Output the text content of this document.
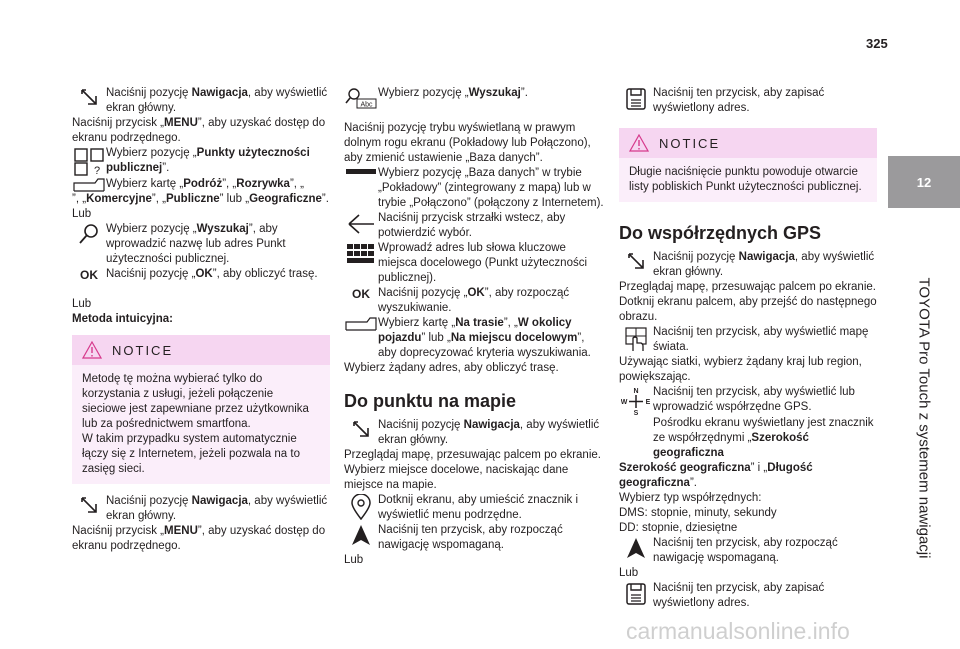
325
12
TOYOTA Pro Touch z systemem nawigacji
Naciśnij pozycję Nawigacja, aby wyświetlić ekran główny.

Naciśnij przycisk „MENU”, aby uzyskać dostęp do ekranu podrzędnego.

?
Wybierz pozycję „Punkty użyteczności publicznej”.
Wybierz kartę „Podróż”, „Rozrywka”, „

”, „Komercyjne”, „Publiczne” lub „Geograficzne”.

Lub

Wybierz pozycję „Wyszukaj”, aby wprowadzić nazwę lub adres Punkt użyteczności publicznej.
OK Naciśnij pozycję „OK”, aby obliczyć trasę.

Lub

Metoda intuicyjna:

NOTICE
Metodę tę można wybierać tylko do korzystania z usługi, jeżeli połączenie sieciowe jest zapewniane przez użytkownika lub za pośrednictwem smartfona.
W takim przypadku system automatycznie łączy się z Internetem, jeżeli pozwala na to zasięg sieci.
Naciśnij pozycję Nawigacja, aby wyświetlić ekran główny.

Naciśnij przycisk „MENU”, aby uzyskać dostęp do ekranu podrzędnego.

Abc
Wybierz pozycję „Wyszukaj”.

Naciśnij pozycję trybu wyświetlaną w prawym dolnym rogu ekranu (Pokładowy lub Połączono), aby zmienić ustawienie „Baza danych”.

Wybierz pozycję „Baza danych” w trybie „Pokładowy” (zintegrowany z mapą) lub w trybie „Połączono” (połączony z Internetem).
Naciśnij przycisk strzałki wstecz, aby potwierdzić wybór.
Wprowadź adres lub słowa kluczowe miejsca docelowego (Punkt użyteczności publicznej).
OK Naciśnij pozycję „OK”, aby rozpocząć wyszukiwanie.
Wybierz kartę „Na trasie”, „W okolicy pojazdu” lub „Na miejscu docelowym”, aby doprecyzować kryteria wyszukiwania.

Wybierz żądany adres, aby obliczyć trasę.

Do punktu na mapie
Naciśnij pozycję Nawigacja, aby wyświetlić ekran główny.

Przeglądaj mapę, przesuwając palcem po ekranie.

Wybierz miejsce docelowe, naciskając dane miejsce na mapie.

Dotknij ekranu, aby umieścić znacznik i wyświetlić menu podrzędne.
Naciśnij ten przycisk, aby rozpocząć nawigację wspomaganą.

Lub

Naciśnij ten przycisk, aby zapisać wyświetlony adres.
NOTICE
Długie naciśnięcie punktu powoduje otwarcie listy pobliskich Punkt użyteczności publicznej.
Do współrzędnych GPS
Naciśnij pozycję Nawigacja, aby wyświetlić ekran główny.

Przeglądaj mapę, przesuwając palcem po ekranie.

Dotknij ekranu palcem, aby przejść do następnego obrazu.

Naciśnij ten przycisk, aby wyświetlić mapę świata.

Używając siatki, wybierz żądany kraj lub region, powiększając.

N
S
W	E
Naciśnij ten przycisk, aby wyświetlić lub wprowadzić współrzędne GPS.
Pośrodku ekranu wyświetlany jest znacznik ze współrzędnymi „Szerokość geograficzna

Szerokość geograficzna” i „Długość geograficzna”.

Wybierz typ współrzędnych:

DMS: stopnie, minuty, sekundy

DD: stopnie, dziesiętne

Naciśnij ten przycisk, aby rozpocząć nawigację wspomaganą.

Lub

Naciśnij ten przycisk, aby zapisać wyświetlony adres.
carmanualsonline.info
